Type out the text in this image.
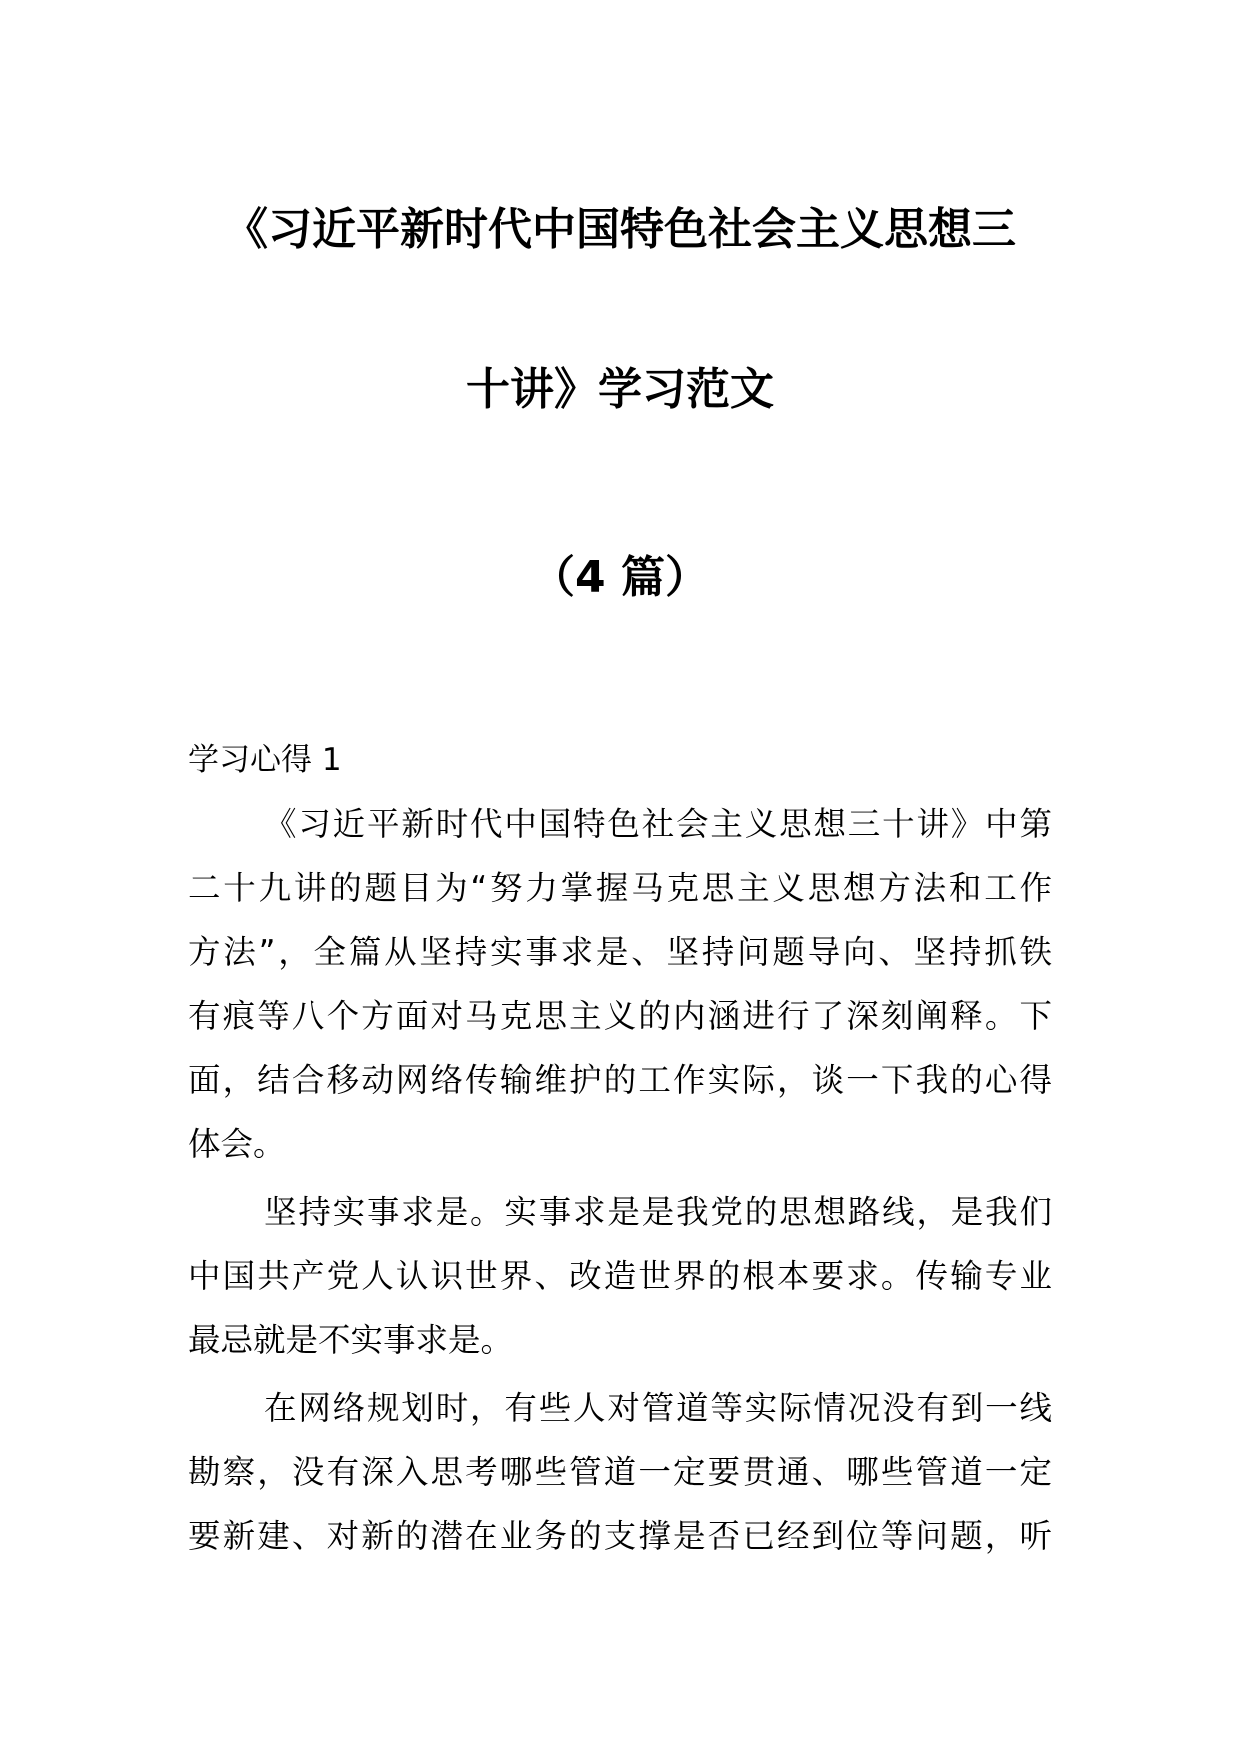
《习近平新时代中国特色社会主义思想三
十讲》学习范文
（4 篇）
学习心得 1
《习近平新时代中国特色社会主义思想三十讲》中第
二十九讲的题目为“努力掌握马克思主义思想方法和工作
方法”，全篇从坚持实事求是、坚持问题导向、坚持抓铁
有痕等八个方面对马克思主义的内涵进行了深刻阐释。下
面，结合移动网络传输维护的工作实际，谈一下我的心得
体会。
坚持实事求是。实事求是是我党的思想路线，是我们
中国共产党人认识世界、改造世界的根本要求。传输专业
最忌就是不实事求是。
在网络规划时，有些人对管道等实际情况没有到一线
勘察，没有深入思考哪些管道一定要贯通、哪些管道一定
要新建、对新的潜在业务的支撑是否已经到位等问题，听
